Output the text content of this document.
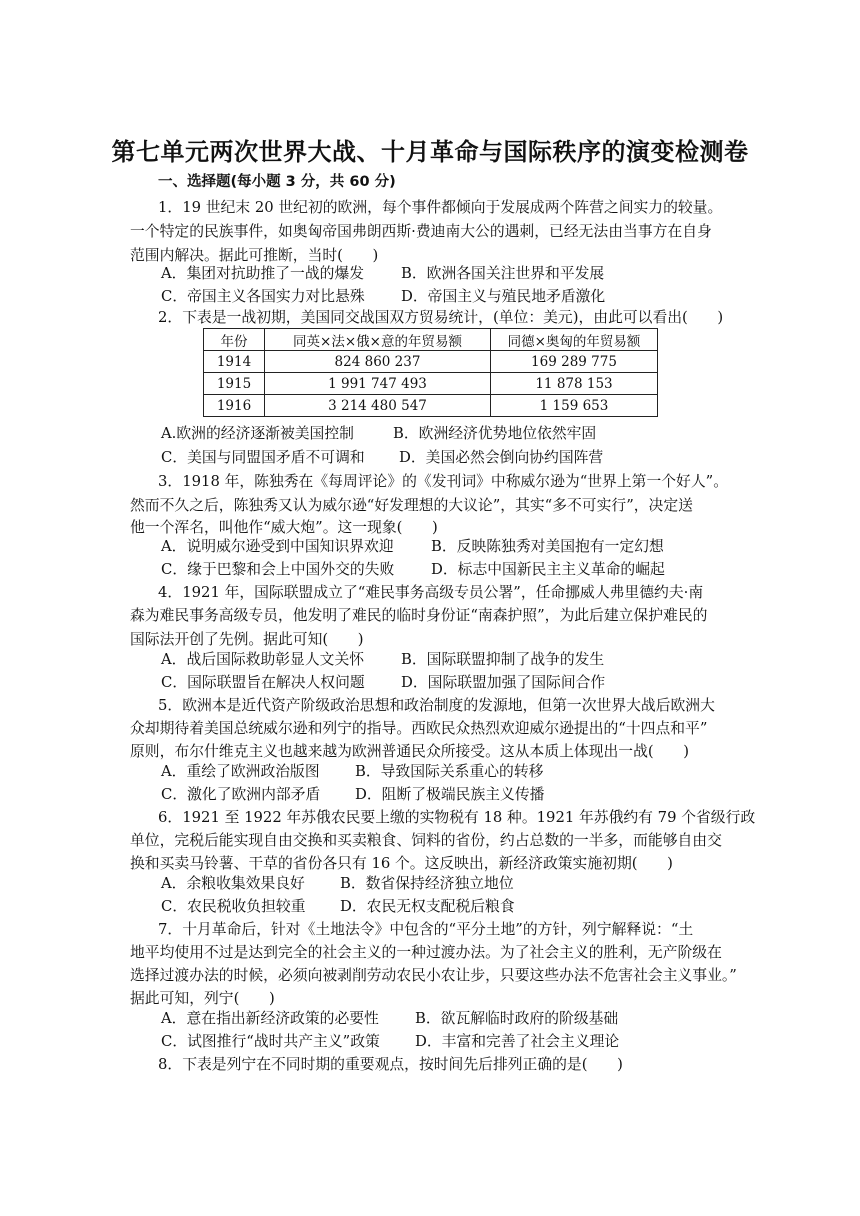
第七单元两次世界大战、十月革命与国际秩序的演变检测卷
一、选择题(每小题 3 分，共 60 分)
1．19 世纪末 20 世纪初的欧洲，每个事件都倾向于发展成两个阵营之间实力的较量。
一个特定的民族事件，如奥匈帝国弗朗西斯·费迪南大公的遇刺，已经无法由当事方在自身
范围内解决。据此可推断，当时(　　)
A．集团对抗助推了一战的爆发 B．欧洲各国关注世界和平发展
C．帝国主义各国实力对比悬殊 D．帝国主义与殖民地矛盾激化
2．下表是一战初期，美国同交战国双方贸易统计，(单位：美元)，由此可以看出(　　)
年份	同英×法×俄×意的年贸易额	同德×奥匈的年贸易额
1914	824 860 237	169 289 775
1915	1 991 747 493	11 878 153
1916	3 214 480 547	1 159 653
A.欧洲的经济逐渐被美国控制	B．欧洲经济优势地位依然牢固
C．美国与同盟国矛盾不可调和 D．美国必然会倒向协约国阵营
3．1918 年，陈独秀在《每周评论》的《发刊词》中称威尔逊为“世界上第一个好人”。
然而不久之后，陈独秀又认为威尔逊“好发理想的大议论”，其实“多不可实行”，决定送
他一个浑名，叫他作“威大炮”。这一现象(　　)
A．说明威尔逊受到中国知识界欢迎	B．反映陈独秀对美国抱有一定幻想
C．缘于巴黎和会上中国外交的失败 D．标志中国新民主主义革命的崛起
4．1921 年，国际联盟成立了“难民事务高级专员公署”，任命挪威人弗里德约夫·南
森为难民事务高级专员，他发明了难民的临时身份证“南森护照”，为此后建立保护难民的
国际法开创了先例。据此可知(　　)
A．战后国际救助彰显人文关怀 B．国际联盟抑制了战争的发生
C．国际联盟旨在解决人权问题 D．国际联盟加强了国际间合作
5．欧洲本是近代资产阶级政治思想和政治制度的发源地，但第一次世界大战后欧洲大
众却期待着美国总统威尔逊和列宁的指导。西欧民众热烈欢迎威尔逊提出的“十四点和平”
原则，布尔什维克主义也越来越为欧洲普通民众所接受。这从本质上体现出一战(　　)
A．重绘了欧洲政治版图 B．导致国际关系重心的转移
C．激化了欧洲内部矛盾 D．阻断了极端民族主义传播
6．1921 至 1922 年苏俄农民要上缴的实物税有 18 种。1921 年苏俄约有 79 个省级行政
单位，完税后能实现自由交换和买卖粮食、饲料的省份，约占总数的一半多，而能够自由交
换和买卖马铃薯、干草的省份各只有 16 个。这反映出，新经济政策实施初期(　　)
A．余粮收集效果良好 B．数省保持经济独立地位
C．农民税收负担较重 D．农民无权支配税后粮食
7．十月革命后，针对《土地法令》中包含的“平分土地”的方针，列宁解释说：“土
地平均使用不过是达到完全的社会主义的一种过渡办法。为了社会主义的胜利，无产阶级在
选择过渡办法的时候，必须向被剥削劳动农民小农让步，只要这些办法不危害社会主义事业。”
据此可知，列宁(　　)
A．意在指出新经济政策的必要性 B．欲瓦解临时政府的阶级基础
C．试图推行“战时共产主义”政策 D．丰富和完善了社会主义理论
8．下表是列宁在不同时期的重要观点，按时间先后排列正确的是(　　)
